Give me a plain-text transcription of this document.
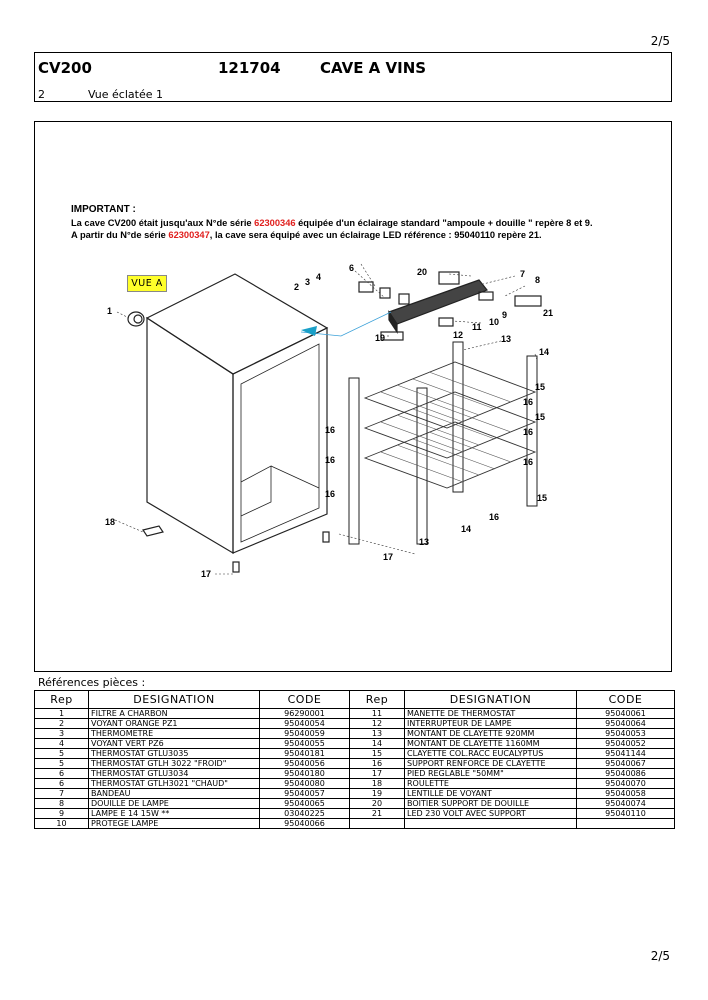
2/5
CV200	121704	CAVE A VINS
2	Vue éclatée 1
IMPORTANT :
La cave CV200 était jusqu'aux N°de série 62300346 équipée d'un éclairage standard "ampoule + douille " repère 8 et 9.
A partir du N°de série 62300347, la cave sera équipé avec un éclairage LED référence : 95040110 repère 21.
VUE A
1
2 3 4
6	20	7
8
9
10
11
12
19
21
13
14
15
16
15
16	16
16	16
16	15
16
14
13
17
18
17
Références pièces :
Rep	DESIGNATION	CODE	Rep	DESIGNATION	CODE
1	FILTRE A CHARBON	96290001	11	MANETTE DE THERMOSTAT	95040061
2	VOYANT ORANGE PZ1	95040054	12	INTERRUPTEUR DE LAMPE	95040064
3	THERMOMETRE	95040059	13	MONTANT DE CLAYETTE 920MM	95040053
4	VOYANT VERT PZ6	95040055	14	MONTANT DE CLAYETTE 1160MM	95040052
5	THERMOSTAT GTLU3035	95040181	15	CLAYETTE COL.RACC EUCALYPTUS	95041144
5	THERMOSTAT GTLH 3022 "FROID"	95040056	16	SUPPORT RENFORCE DE CLAYETTE	95040067
6	THERMOSTAT GTLU3034	95040180	17	PIED REGLABLE "50MM"	95040086
6	THERMOSTAT GTLH3021 "CHAUD"	95040080	18	ROULETTE	95040070
7	BANDEAU	95040057	19	LENTILLE DE VOYANT	95040058
8	DOUILLE DE LAMPE	95040065	20	BOITIER SUPPORT DE DOUILLE	95040074
9	LAMPE E 14 15W **	03040225	21	LED 230 VOLT AVEC SUPPORT	95040110
10	PROTEGE LAMPE	95040066			
2/5
